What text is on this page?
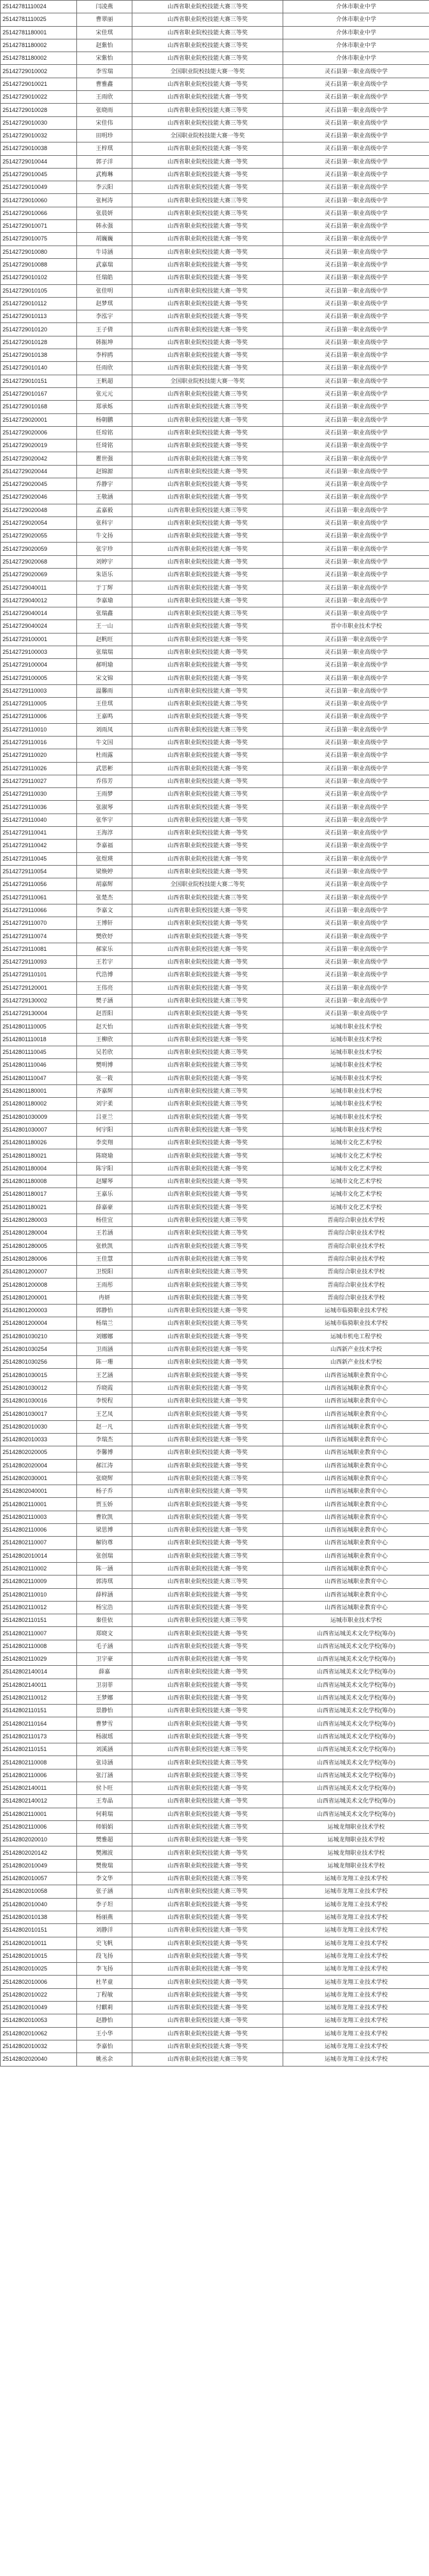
25142781110024	闫凌燕	山西省职业院校技能大赛三等奖	介休市职业中学
25142781110025	曹翠丽	山西省职业院校技能大赛三等奖	介休市职业中学
25142781180001	宋佳琪	山西省职业院校技能大赛三等奖	介休市职业中学
25142781180002	赵紫怡	山西省职业院校技能大赛三等奖	介休市职业中学
25142781180002	宋紫怡	山西省职业院校技能大赛三等奖	介休市职业中学
25142729010002	李雪瑞	全国职业院校技能大赛一等奖	灵石县第一职业高级中学
25142729010021	曹雅鑫	山西省职业院校技能大赛一等奖	灵石县第一职业高级中学
25142729010022	王雨欣	山西省职业院校技能大赛一等奖	灵石县第一职业高级中学
25142729010028	张晓雨	山西省职业院校技能大赛三等奖	灵石县第一职业高级中学
25142729010030	宋佳伟	山西省职业院校技能大赛三等奖	灵石县第一职业高级中学
25142729010032	田明珍	全国职业院校技能大赛一等奖	灵石县第一职业高级中学
25142729010038	王梓琪	山西省职业院校技能大赛一等奖	灵石县第一职业高级中学
25142729010044	郭子洋	山西省职业院校技能大赛一等奖	灵石县第一职业高级中学
25142729010045	武梅琳	山西省职业院校技能大赛一等奖	灵石县第一职业高级中学
25142729010049	李云阳	山西省职业院校技能大赛一等奖	灵石县第一职业高级中学
25142729010060	张柯涛	山西省职业院校技能大赛三等奖	灵石县第一职业高级中学
25142729010066	张晨妍	山西省职业院校技能大赛三等奖	灵石县第一职业高级中学
25142729010071	韩永强	山西省职业院校技能大赛一等奖	灵石县第一职业高级中学
25142729010075	胡巍巍	山西省职业院校技能大赛一等奖	灵石县第一职业高级中学
25142729010080	牛诗涵	山西省职业院校技能大赛一等奖	灵石县第一职业高级中学
25142729010088	武嘉瑞	山西省职业院校技能大赛一等奖	灵石县第一职业高级中学
25142729010102	任瑞皓	山西省职业院校技能大赛一等奖	灵石县第一职业高级中学
25142729010105	张佳明	山西省职业院校技能大赛一等奖	灵石县第一职业高级中学
25142729010112	赵梦琪	山西省职业院校技能大赛一等奖	灵石县第一职业高级中学
25142729010113	李泓宇	山西省职业院校技能大赛一等奖	灵石县第一职业高级中学
25142729010120	王子倩	山西省职业院校技能大赛一等奖	灵石县第一职业高级中学
25142729010128	韩振坤	山西省职业院校技能大赛一等奖	灵石县第一职业高级中学
25142729010138	李梓鸥	山西省职业院校技能大赛一等奖	灵石县第一职业高级中学
25142729010140	任雨欣	山西省职业院校技能大赛一等奖	灵石县第一职业高级中学
25142729010151	王帆超	全国职业院校技能大赛一等奖	灵石县第一职业高级中学
25142729010167	张元元	山西省职业院校技能大赛三等奖	灵石县第一职业高级中学
25142729010168	郑承烁	山西省职业院校技能大赛三等奖	灵石县第一职业高级中学
25142729020001	杨朝鹏	山西省职业院校技能大赛一等奖	灵石县第一职业高级中学
25142729020006	任琼铭	山西省职业院校技能大赛一等奖	灵石县第一职业高级中学
25142729020019	任琦铭	山西省职业院校技能大赛一等奖	灵石县第一职业高级中学
25142729020042	瞿世强	山西省职业院校技能大赛三等奖	灵石县第一职业高级中学
25142729020044	赵锦源	山西省职业院校技能大赛一等奖	灵石县第一职业高级中学
25142729020045	乔静宇	山西省职业院校技能大赛一等奖	灵石县第一职业高级中学
25142729020046	王敬涵	山西省职业院校技能大赛一等奖	灵石县第一职业高级中学
25142729020048	孟嘉毅	山西省职业院校技能大赛三等奖	灵石县第一职业高级中学
25142729020054	张科宇	山西省职业院校技能大赛一等奖	灵石县第一职业高级中学
25142729020055	牛文扬	山西省职业院校技能大赛一等奖	灵石县第一职业高级中学
25142729020059	张宇珍	山西省职业院校技能大赛一等奖	灵石县第一职业高级中学
25142729020068	刘婷宇	山西省职业院校技能大赛一等奖	灵石县第一职业高级中学
25142729020069	朱语乐	山西省职业院校技能大赛一等奖	灵石县第一职业高级中学
25142729040011	于丁辉	山西省职业院校技能大赛一等奖	灵石县第一职业高级中学
25142729040012	李嘉瑜	山西省职业院校技能大赛一等奖	灵石县第一职业高级中学
25142729040014	张瑞鑫	山西省职业院校技能大赛三等奖	灵石县第一职业高级中学
25142729040024	王一山	山西省职业院校技能大赛一等奖	晋中市职业技术学校
25142729100001	赵帆旺	山西省职业院校技能大赛一等奖	灵石县第一职业高级中学
25142729100003	张瑞瑞	山西省职业院校技能大赛一等奖	灵石县第一职业高级中学
25142729100004	郝明瑜	山西省职业院校技能大赛一等奖	灵石县第一职业高级中学
25142729100005	宋文锦	山西省职业院校技能大赛一等奖	灵石县第一职业高级中学
25142729110003	温馨雨	山西省职业院校技能大赛一等奖	灵石县第一职业高级中学
25142729110005	王佳琪	山西省职业院校技能大赛二等奖	灵石县第一职业高级中学
25142729110006	王嘉鸣	山西省职业院校技能大赛一等奖	灵石县第一职业高级中学
25142729110010	刘雨凤	山西省职业院校技能大赛三等奖	灵石县第一职业高级中学
25142729110016	牛文国	山西省职业院校技能大赛一等奖	灵石县第一职业高级中学
25142729110020	杜雨露	山西省职业院校技能大赛一等奖	灵石县第一职业高级中学
25142729110026	武思彬	山西省职业院校技能大赛一等奖	灵石县第一职业高级中学
25142729110027	乔伟芳	山西省职业院校技能大赛一等奖	灵石县第一职业高级中学
25142729110030	王雨梦	山西省职业院校技能大赛三等奖	灵石县第一职业高级中学
25142729110036	张淑琴	山西省职业院校技能大赛一等奖	灵石县第一职业高级中学
25142729110040	张华宇	山西省职业院校技能大赛一等奖	灵石县第一职业高级中学
25142729110041	王海淳	山西省职业院校技能大赛一等奖	灵石县第一职业高级中学
25142729110042	李嘉福	山西省职业院校技能大赛一等奖	灵石县第一职业高级中学
25142729110045	张煜瑛	山西省职业院校技能大赛一等奖	灵石县第一职业高级中学
25142729110054	梁焕婷	山西省职业院校技能大赛一等奖	灵石县第一职业高级中学
25142729110056	胡嘉辉	全国职业院校技能大赛二等奖	灵石县第一职业高级中学
25142729110061	张楚杰	山西省职业院校技能大赛三等奖	灵石县第一职业高级中学
25142729110066	李嘉文	山西省职业院校技能大赛一等奖	灵石县第一职业高级中学
25142729110070	王博轩	山西省职业院校技能大赛一等奖	灵石县第一职业高级中学
25142729110074	樊欣妤	山西省职业院校技能大赛一等奖	灵石县第一职业高级中学
25142729110081	郝家乐	山西省职业院校技能大赛一等奖	灵石县第一职业高级中学
25142729110093	王若宇	山西省职业院校技能大赛一等奖	灵石县第一职业高级中学
25142729110101	代浩博	山西省职业院校技能大赛一等奖	灵石县第一职业高级中学
25142729120001	王伟亮	山西省职业院校技能大赛一等奖	灵石县第一职业高级中学
25142729130002	樊子涵	山西省职业院校技能大赛三等奖	灵石县第一职业高级中学
25142729130004	赵晋阳	山西省职业院校技能大赛一等奖	灵石县第一职业高级中学
25142801110005	赵天怡	山西省职业院校技能大赛一等奖	运城市职业技术学校
25142801110018	王柳欣	山西省职业院校技能大赛一等奖	运城市职业技术学校
25142801110045	吴若欣	山西省职业院校技能大赛三等奖	运城市职业技术学校
25142801110046	樊明博	山西省职业院校技能大赛三等奖	运城市职业技术学校
25142801110047	张一筱	山西省职业院校技能大赛一等奖	运城市职业技术学校
25142801180001	齐嘉辉	山西省职业院校技能大赛三等奖	运城市职业技术学校
25142801180002	刘宇柔	山西省职业院校技能大赛三等奖	运城市职业技术学校
25142801030009	吕亚兰	山西省职业院校技能大赛一等奖	运城市职业技术学校
25142801030007	何宇阳	山西省职业院校技能大赛一等奖	运城市职业技术学校
25142801180026	李奕翔	山西省职业院校技能大赛一等奖	运城市文化艺术学校
25142801180021	陈晓瑜	山西省职业院校技能大赛一等奖	运城市文化艺术学校
25142801180004	陈宇阳	山西省职业院校技能大赛一等奖	运城市文化艺术学校
25142801180008	赵耀琴	山西省职业院校技能大赛一等奖	运城市文化艺术学校
25142801180017	王嘉乐	山西省职业院校技能大赛一等奖	运城市文化艺术学校
25142801180021	薛嘉豪	山西省职业院校技能大赛一等奖	运城市文化艺术学校
25142801280003	杨佳宜	山西省职业院校技能大赛三等奖	晋南综合职业技术学校
25142801280004	王若涵	山西省职业院校技能大赛三等奖	晋南综合职业技术学校
25142801280005	张轶凯	山西省职业院校技能大赛三等奖	晋南综合职业技术学校
25142801280006	王佳慧	山西省职业院校技能大赛三等奖	晋南综合职业技术学校
25142801200007	卫悦阳	山西省职业院校技能大赛三等奖	晋南综合职业技术学校
25142801200008	王雨彤	山西省职业院校技能大赛三等奖	晋南综合职业技术学校
25142801200001	冉妍	山西省职业院校技能大赛三等奖	晋南综合职业技术学校
25142801200003	郭静怡	山西省职业院校技能大赛一等奖	运城市临猗职业技术学校
25142801200004	杨瑞兰	山西省职业院校技能大赛三等奖	运城市临猗职业技术学校
25142801030210	刘娜娜	山西省职业院校技能大赛一等奖	运城市机电工程学校
25142801030254	卫雨涵	山西省职业院校技能大赛一等奖	山西新产业技术学校
25142801030256	陈一珊	山西省职业院校技能大赛一等奖	山西新产业技术学校
25142801030015	王艺涵	山西省职业院校技能大赛一等奖	山西省运城职业教育中心
25142801030012	乔晓霞	山西省职业院校技能大赛一等奖	山西省运城职业教育中心
25142801030016	李悦程	山西省职业院校技能大赛一等奖	山西省运城职业教育中心
25142801030017	王艺凤	山西省职业院校技能大赛一等奖	山西省运城职业教育中心
25142802010030	赵一凡	山西省职业院校技能大赛一等奖	山西省运城职业教育中心
25142802010033	李瑞杰	山西省职业院校技能大赛一等奖	山西省运城职业教育中心
25142802020005	李馨博	山西省职业院校技能大赛一等奖	山西省运城职业教育中心
25142802020004	郝江涛	山西省职业院校技能大赛一等奖	山西省运城职业教育中心
25142802030001	张晓辉	山西省职业院校技能大赛三等奖	山西省运城职业教育中心
25142802040001	杨子乔	山西省职业院校技能大赛一等奖	山西省运城职业教育中心
25142802110001	贾玉娇	山西省职业院校技能大赛一等奖	山西省运城职业教育中心
25142802110003	曹钦凯	山西省职业院校技能大赛一等奖	山西省运城职业教育中心
25142802110006	梁思博	山西省职业院校技能大赛一等奖	山西省运城职业教育中心
25142802110007	解钧尊	山西省职业院校技能大赛一等奖	山西省运城职业教育中心
25142802010014	张创瑞	山西省职业院校技能大赛三等奖	山西省运城职业教育中心
25142802110002	陈一涵	山西省职业院校技能大赛一等奖	山西省运城职业教育中心
25142802110009	郭涛琪	山西省职业院校技能大赛三等奖	山西省运城职业教育中心
25142802110010	薛梓涵	山西省职业院校技能大赛一等奖	山西省运城职业教育中心
25142802110012	杨宝浩	山西省职业院校技能大赛一等奖	山西省运城职业教育中心
25142802110151	秦佳依	山西省职业院校技能大赛三等奖	运城市职业技术学校
25142802110007	郑晓文	山西省职业院校技能大赛一等奖	山西省运城美术文化学校(筹办)
25142802110008	毛子涵	山西省职业院校技能大赛一等奖	山西省运城美术文化学校(筹办)
25142802110029	卫宇豪	山西省职业院校技能大赛一等奖	山西省运城美术文化学校(筹办)
25142802140014	薛嘉	山西省职业院校技能大赛一等奖	山西省运城美术文化学校(筹办)
25142802140011	卫羽菲	山西省职业院校技能大赛一等奖	山西省运城美术文化学校(筹办)
25142802110012	王梦娜	山西省职业院校技能大赛一等奖	山西省运城美术文化学校(筹办)
25142802110151	景静怡	山西省职业院校技能大赛一等奖	山西省运城美术文化学校(筹办)
25142802110164	曹梦雪	山西省职业院校技能大赛一等奖	山西省运城美术文化学校(筹办)
25142802110173	杨淑瑶	山西省职业院校技能大赛一等奖	山西省运城美术文化学校(筹办)
25142802110151	刘溪涵	山西省职业院校技能大赛三等奖	山西省运城美术文化学校(筹办)
25142802110008	张诗涵	山西省职业院校技能大赛三等奖	山西省运城美术文化学校(筹办)
25142802110006	张汀涵	山西省职业院校技能大赛三等奖	山西省运城美术文化学校(筹办)
25142802140011	侯卜旺	山西省职业院校技能大赛一等奖	山西省运城美术文化学校(筹办)
25142802140012	王寿晶	山西省职业院校技能大赛一等奖	山西省运城美术文化学校(筹办)
25142802110001	何莉瑞	山西省职业院校技能大赛一等奖	山西省运城美术文化学校(筹办)
25142802110006	师娟娟	山西省职业院校技能大赛三等奖	运城龙翔职业技术学校
25142802020010	樊雅超	山西省职业院校技能大赛一等奖	运城龙翔职业技术学校
25142802020142	樊湘波	山西省职业院校技能大赛一等奖	运城龙翔职业技术学校
25142802010049	樊俊瑞	山西省职业院校技能大赛一等奖	运城龙翔职业技术学校
25142802010057	李文华	山西省职业院校技能大赛三等奖	运城市龙翔工业技术学校
25142802010058	张子涵	山西省职业院校技能大赛三等奖	运城市龙翔工业技术学校
25142802010040	李子坦	山西省职业院校技能大赛一等奖	运城市龙翔工业技术学校
25142802010138	杨丽燕	山西省职业院校技能大赛一等奖	运城市龙翔工业技术学校
25142802010151	刘静洋	山西省职业院校技能大赛一等奖	运城市龙翔工业技术学校
25142802010011	史飞帆	山西省职业院校技能大赛一等奖	运城市龙翔工业技术学校
25142802010015	段飞扬	山西省职业院校技能大赛一等奖	运城市龙翔工业技术学校
25142802010025	李飞扬	山西省职业院校技能大赛一等奖	运城市龙翔工业技术学校
25142802010006	杜芊童	山西省职业院校技能大赛一等奖	运城市龙翔工业技术学校
25142802010022	丁程敏	山西省职业院校技能大赛一等奖	运城市龙翔工业技术学校
25142802010049	付麒莉	山西省职业院校技能大赛一等奖	运城市龙翔工业技术学校
25142802010053	赵静怡	山西省职业院校技能大赛一等奖	运城市龙翔工业技术学校
25142802010062	王小华	山西省职业院校技能大赛一等奖	运城市龙翔工业技术学校
25142802010032	李嘉怡	山西省职业院校技能大赛一等奖	运城市龙翔工业技术学校
25142802020040	姚丞余	山西省职业院校技能大赛三等奖	运城市龙翔工业技术学校
